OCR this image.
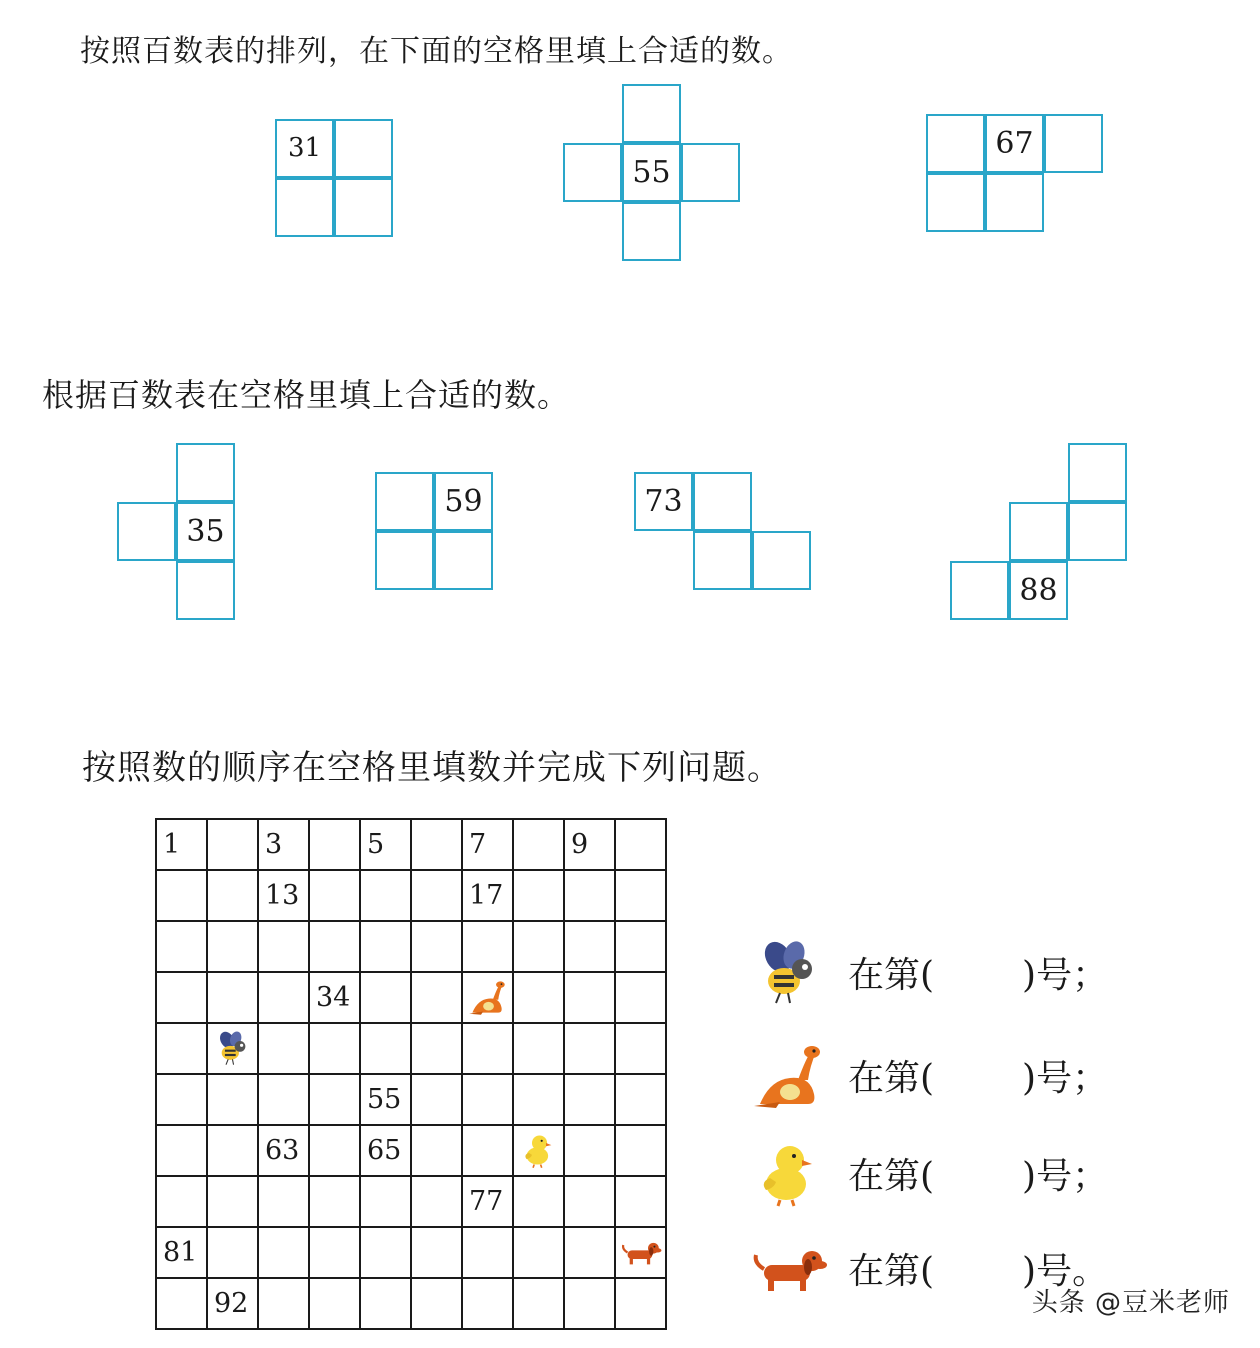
按照百数表的排列，在下面的空格里填上合适的数。
31
55
67
根据百数表在空格里填上合适的数。
35
59	73
88
按照数的顺序在空格里填数并完成下列问题。
1		3		5		7		9	
		13				17			

			34			

				55					
		63		65			

						77			
81									

	92								
在第( )号；
在第( )号；
在第( )号；
在第( )号。
头条 @豆米老师
